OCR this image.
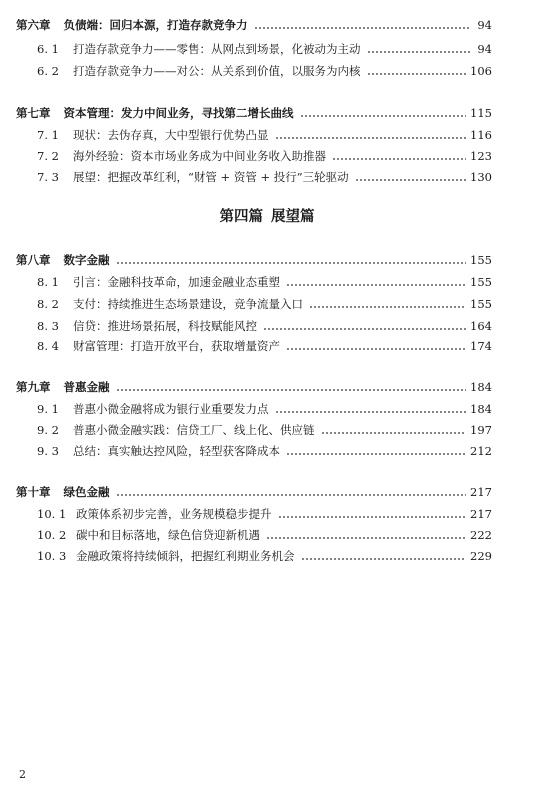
第六章 负债端：回归本源，打造存款竞争力	94
6. 1	打造存款竞争力——零售：从网点到场景，化被动为主动	94
6. 2	打造存款竞争力——对公：从关系到价值，以服务为内核	106
第七章 资本管理：发力中间业务，寻找第二增长曲线	115
7. 1	现状：去伪存真，大中型银行优势凸显	116
7. 2	海外经验：资本市场业务成为中间业务收入助推器	123
7. 3	展望：把握改革红利，“财管 + 资管 + 投行”三轮驱动	130
第四篇 展望篇
第八章 数字金融	155
8. 1	引言：金融科技革命，加速金融业态重塑	155
8. 2	支付：持续推进生态场景建设，竞争流量入口	155
8. 3	信贷：推进场景拓展，科技赋能风控	164
8. 4	财富管理：打造开放平台，获取增量资产	174
第九章 普惠金融	184
9. 1	普惠小微金融将成为银行业重要发力点	184
9. 2	普惠小微金融实践：信贷工厂、线上化、供应链	197
9. 3	总结：真实触达控风险，轻型获客降成本	212
第十章 绿色金融	217
10. 1 政策体系初步完善，业务规模稳步提升	217
10. 2 碳中和目标落地，绿色信贷迎新机遇	222
10. 3 金融政策将持续倾斜，把握红利期业务机会	229
2
